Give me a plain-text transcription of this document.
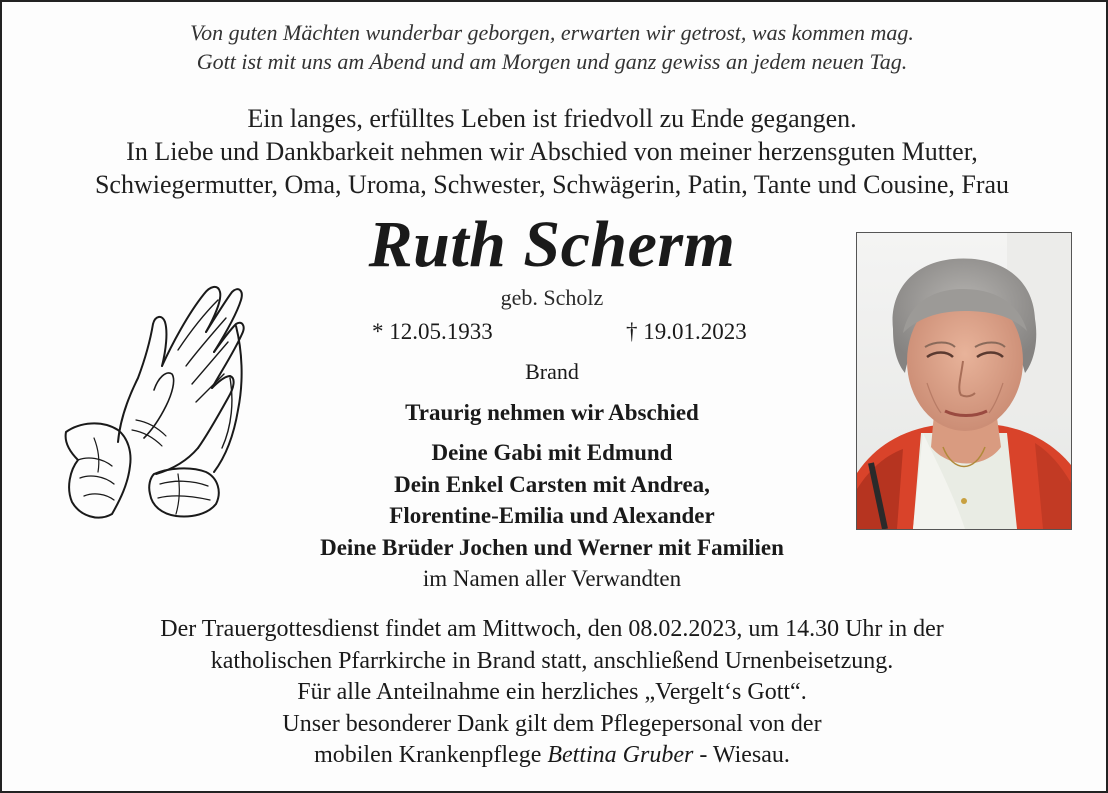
Von guten Mächten wunderbar geborgen, erwarten wir getrost, was kommen mag.
Gott ist mit uns am Abend und am Morgen und ganz gewiss an jedem neuen Tag.
Ein langes, erfülltes Leben ist friedvoll zu Ende gegangen.
In Liebe und Dankbarkeit nehmen wir Abschied von meiner herzensguten Mutter,
Schwiegermutter, Oma, Uroma, Schwester, Schwägerin, Patin, Tante und Cousine, Frau
Ruth Scherm
geb. Scholz
* 12.05.1933	† 19.01.2023
Brand
Traurig nehmen wir Abschied
Deine Gabi mit Edmund
Dein Enkel Carsten mit Andrea,
Florentine-Emilia und Alexander
Deine Brüder Jochen und Werner mit Familien
im Namen aller Verwandten
Der Trauergottesdienst findet am Mittwoch, den 08.02.2023, um 14.30 Uhr in der
katholischen Pfarrkirche in Brand statt, anschließend Urnenbeisetzung.
Für alle Anteilnahme ein herzliches „Vergelt‘s Gott“.
Unser besonderer Dank gilt dem Pflegepersonal von der
mobilen Krankenpflege Bettina Gruber - Wiesau.
